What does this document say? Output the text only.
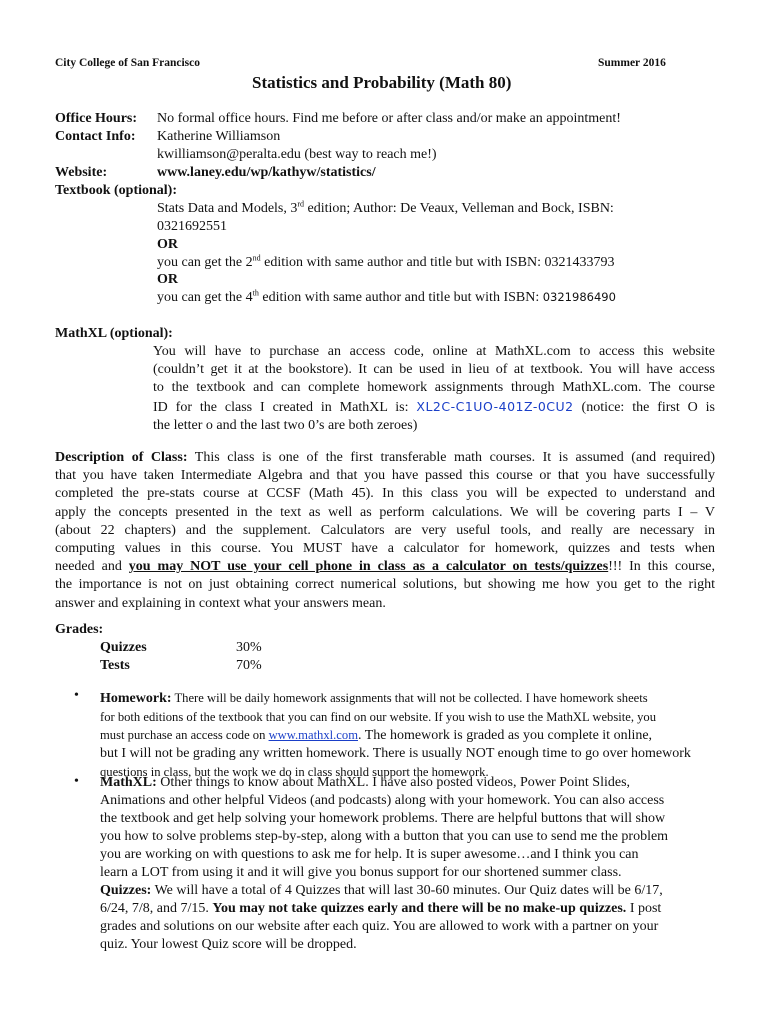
City College of San Francisco	Summer 2016
Statistics and Probability (Math 80)
Office Hours: No formal office hours. Find me before or after class and/or make an appointment!
Contact Info: Katherine Williamson
kwilliamson@peralta.edu (best way to reach me!)
Website:	www.laney.edu/wp/kathyw/statistics/
Textbook (optional):
Stats Data and Models, 3rd edition; Author: De Veaux, Velleman and Bock, ISBN:
0321692551
OR
you can get the 2nd edition with same author and title but with ISBN: 0321433793
OR
you can get the 4th edition with same author and title but with ISBN: 0321986490
MathXL (optional):
You will have to purchase an access code, online at MathXL.com to access this website
(couldn’t get it at the bookstore). It can be used in lieu of at textbook. You will have access
to the textbook and can complete homework assignments through MathXL.com. The course
ID for the class I created in MathXL is: XL2C-C1UO-401Z-0CU2 (notice: the first O is
the letter o and the last two 0’s are both zeroes)
Description of Class: This class is one of the first transferable math courses. It is assumed (and required)
that you have taken Intermediate Algebra and that you have passed this course or that you have successfully
completed the pre-stats course at CCSF (Math 45). In this class you will be expected to understand and
apply the concepts presented in the text as well as perform calculations. We will be covering parts I – V
(about 22 chapters) and the supplement. Calculators are very useful tools, and really are necessary in
computing values in this course. You MUST have a calculator for homework, quizzes and tests when
needed and you may NOT use your cell phone in class as a calculator on tests/quizzes!!! In this course,
the importance is not on just obtaining correct numerical solutions, but showing me how you get to the right
answer and explaining in context what your answers mean.
Grades:
Quizzes	30%
Tests	70%
• Homework: There will be daily homework assignments that will not be collected. I have homework sheets
for both editions of the textbook that you can find on our website. If you wish to use the MathXL website, you
must purchase an access code on www.mathxl.com. The homework is graded as you complete it online,
but I will not be grading any written homework. There is usually NOT enough time to go over homework
questions in class, but the work we do in class should support the homework.
• MathXL: Other things to know about MathXL. I have also posted videos, Power Point Slides,
Animations and other helpful Videos (and podcasts) along with your homework. You can also access
the textbook and get help solving your homework problems. There are helpful buttons that will show
you how to solve problems step-by-step, along with a button that you can use to send me the problem
you are working on with questions to ask me for help. It is super awesome…and I think you can
learn a LOT from using it and it will give you bonus support for our shortened summer class.
Quizzes: We will have a total of 4 Quizzes that will last 30-60 minutes. Our Quiz dates will be 6/17,
6/24, 7/8, and 7/15. You may not take quizzes early and there will be no make-up quizzes. I post
grades and solutions on our website after each quiz. You are allowed to work with a partner on your
quiz. Your lowest Quiz score will be dropped.
